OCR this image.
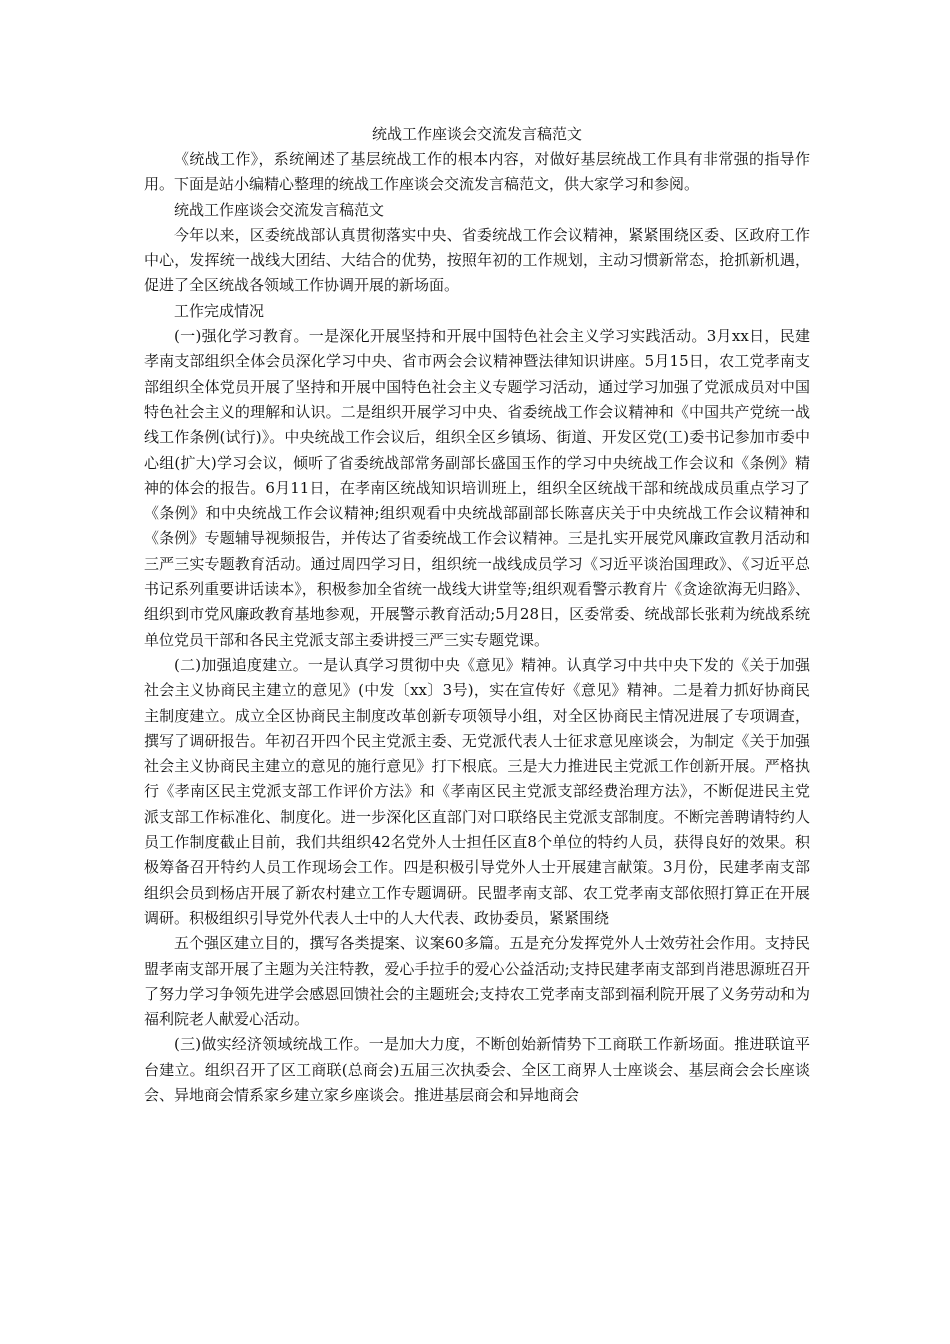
统战工作座谈会交流发言稿范文

《统战工作》，系统阐述了基层统战工作的根本内容，对做好基层统战工作具有非常强的指导作用。下面是站小编精心整理的统战工作座谈会交流发言稿范文，供大家学习和参阅。

统战工作座谈会交流发言稿范文

今年以来，区委统战部认真贯彻落实中央、省委统战工作会议精神，紧紧围绕区委、区政府工作中心，发挥统一战线大团结、大结合的优势，按照年初的工作规划，主动习惯新常态，抢抓新机遇，促进了全区统战各领域工作协调开展的新场面。

工作完成情况

(一)强化学习教育。一是深化开展坚持和开展中国特色社会主义学习实践活动。3月xx日，民建孝南支部组织全体会员深化学习中央、省市两会会议精神暨法律知识讲座。5月15日，农工党孝南支部组织全体党员开展了坚持和开展中国特色社会主义专题学习活动，通过学习加强了党派成员对中国特色社会主义的理解和认识。二是组织开展学习中央、省委统战工作会议精神和《中国共产党统一战线工作条例(试行)》。中央统战工作会议后，组织全区乡镇场、街道、开发区党(工)委书记参加市委中心组(扩大)学习会议，倾听了省委统战部常务副部长盛国玉作的学习中央统战工作会议和《条例》精神的体会的报告。6月11日，在孝南区统战知识培训班上，组织全区统战干部和统战成员重点学习了《条例》和中央统战工作会议精神;组织观看中央统战部副部长陈喜庆关于中央统战工作会议精神和《条例》专题辅导视频报告，并传达了省委统战工作会议精神。三是扎实开展党风廉政宣教月活动和三严三实专题教育活动。通过周四学习日，组织统一战线成员学习《习近平谈治国理政》、《习近平总书记系列重要讲话读本》，积极参加全省统一战线大讲堂等;组织观看警示教育片《贪途欲海无归路》、组织到市党风廉政教育基地参观，开展警示教育活动;5月28日，区委常委、统战部长张莉为统战系统单位党员干部和各民主党派支部主委讲授三严三实专题党课。

(二)加强追度建立。一是认真学习贯彻中央《意见》精神。认真学习中共中央下发的《关于加强社会主义协商民主建立的意见》(中发〔xx〕3号)，实在宣传好《意见》精神。二是着力抓好协商民主制度建立。成立全区协商民主制度改革创新专项领导小组，对全区协商民主情况进展了专项调查，撰写了调研报告。年初召开四个民主党派主委、无党派代表人士征求意见座谈会，为制定《关于加强社会主义协商民主建立的意见的施行意见》打下根底。三是大力推进民主党派工作创新开展。严格执行《孝南区民主党派支部工作评价方法》和《孝南区民主党派支部经费治理方法》，不断促进民主党派支部工作标准化、制度化。进一步深化区直部门对口联络民主党派支部制度。不断完善聘请特约人员工作制度截止目前，我们共组织42名党外人士担任区直8个单位的特约人员，获得良好的效果。积极筹备召开特约人员工作现场会工作。四是积极引导党外人士开展建言献策。3月份，民建孝南支部组织会员到杨店开展了新农村建立工作专题调研。民盟孝南支部、农工党孝南支部依照打算正在开展调研。积极组织引导党外代表人士中的人大代表、政协委员，紧紧围绕

五个强区建立目的，撰写各类提案、议案60多篇。五是充分发挥党外人士效劳社会作用。支持民盟孝南支部开展了主题为关注特教，爱心手拉手的爱心公益活动;支持民建孝南支部到肖港思源班召开了努力学习争领先进学会感恩回馈社会的主题班会;支持农工党孝南支部到福利院开展了义务劳动和为福利院老人献爱心活动。

(三)做实经济领域统战工作。一是加大力度，不断创始新情势下工商联工作新场面。推进联谊平台建立。组织召开了区工商联(总商会)五届三次执委会、全区工商界人士座谈会、基层商会会长座谈会、异地商会情系家乡建立家乡座谈会。推进基层商会和异地商会
